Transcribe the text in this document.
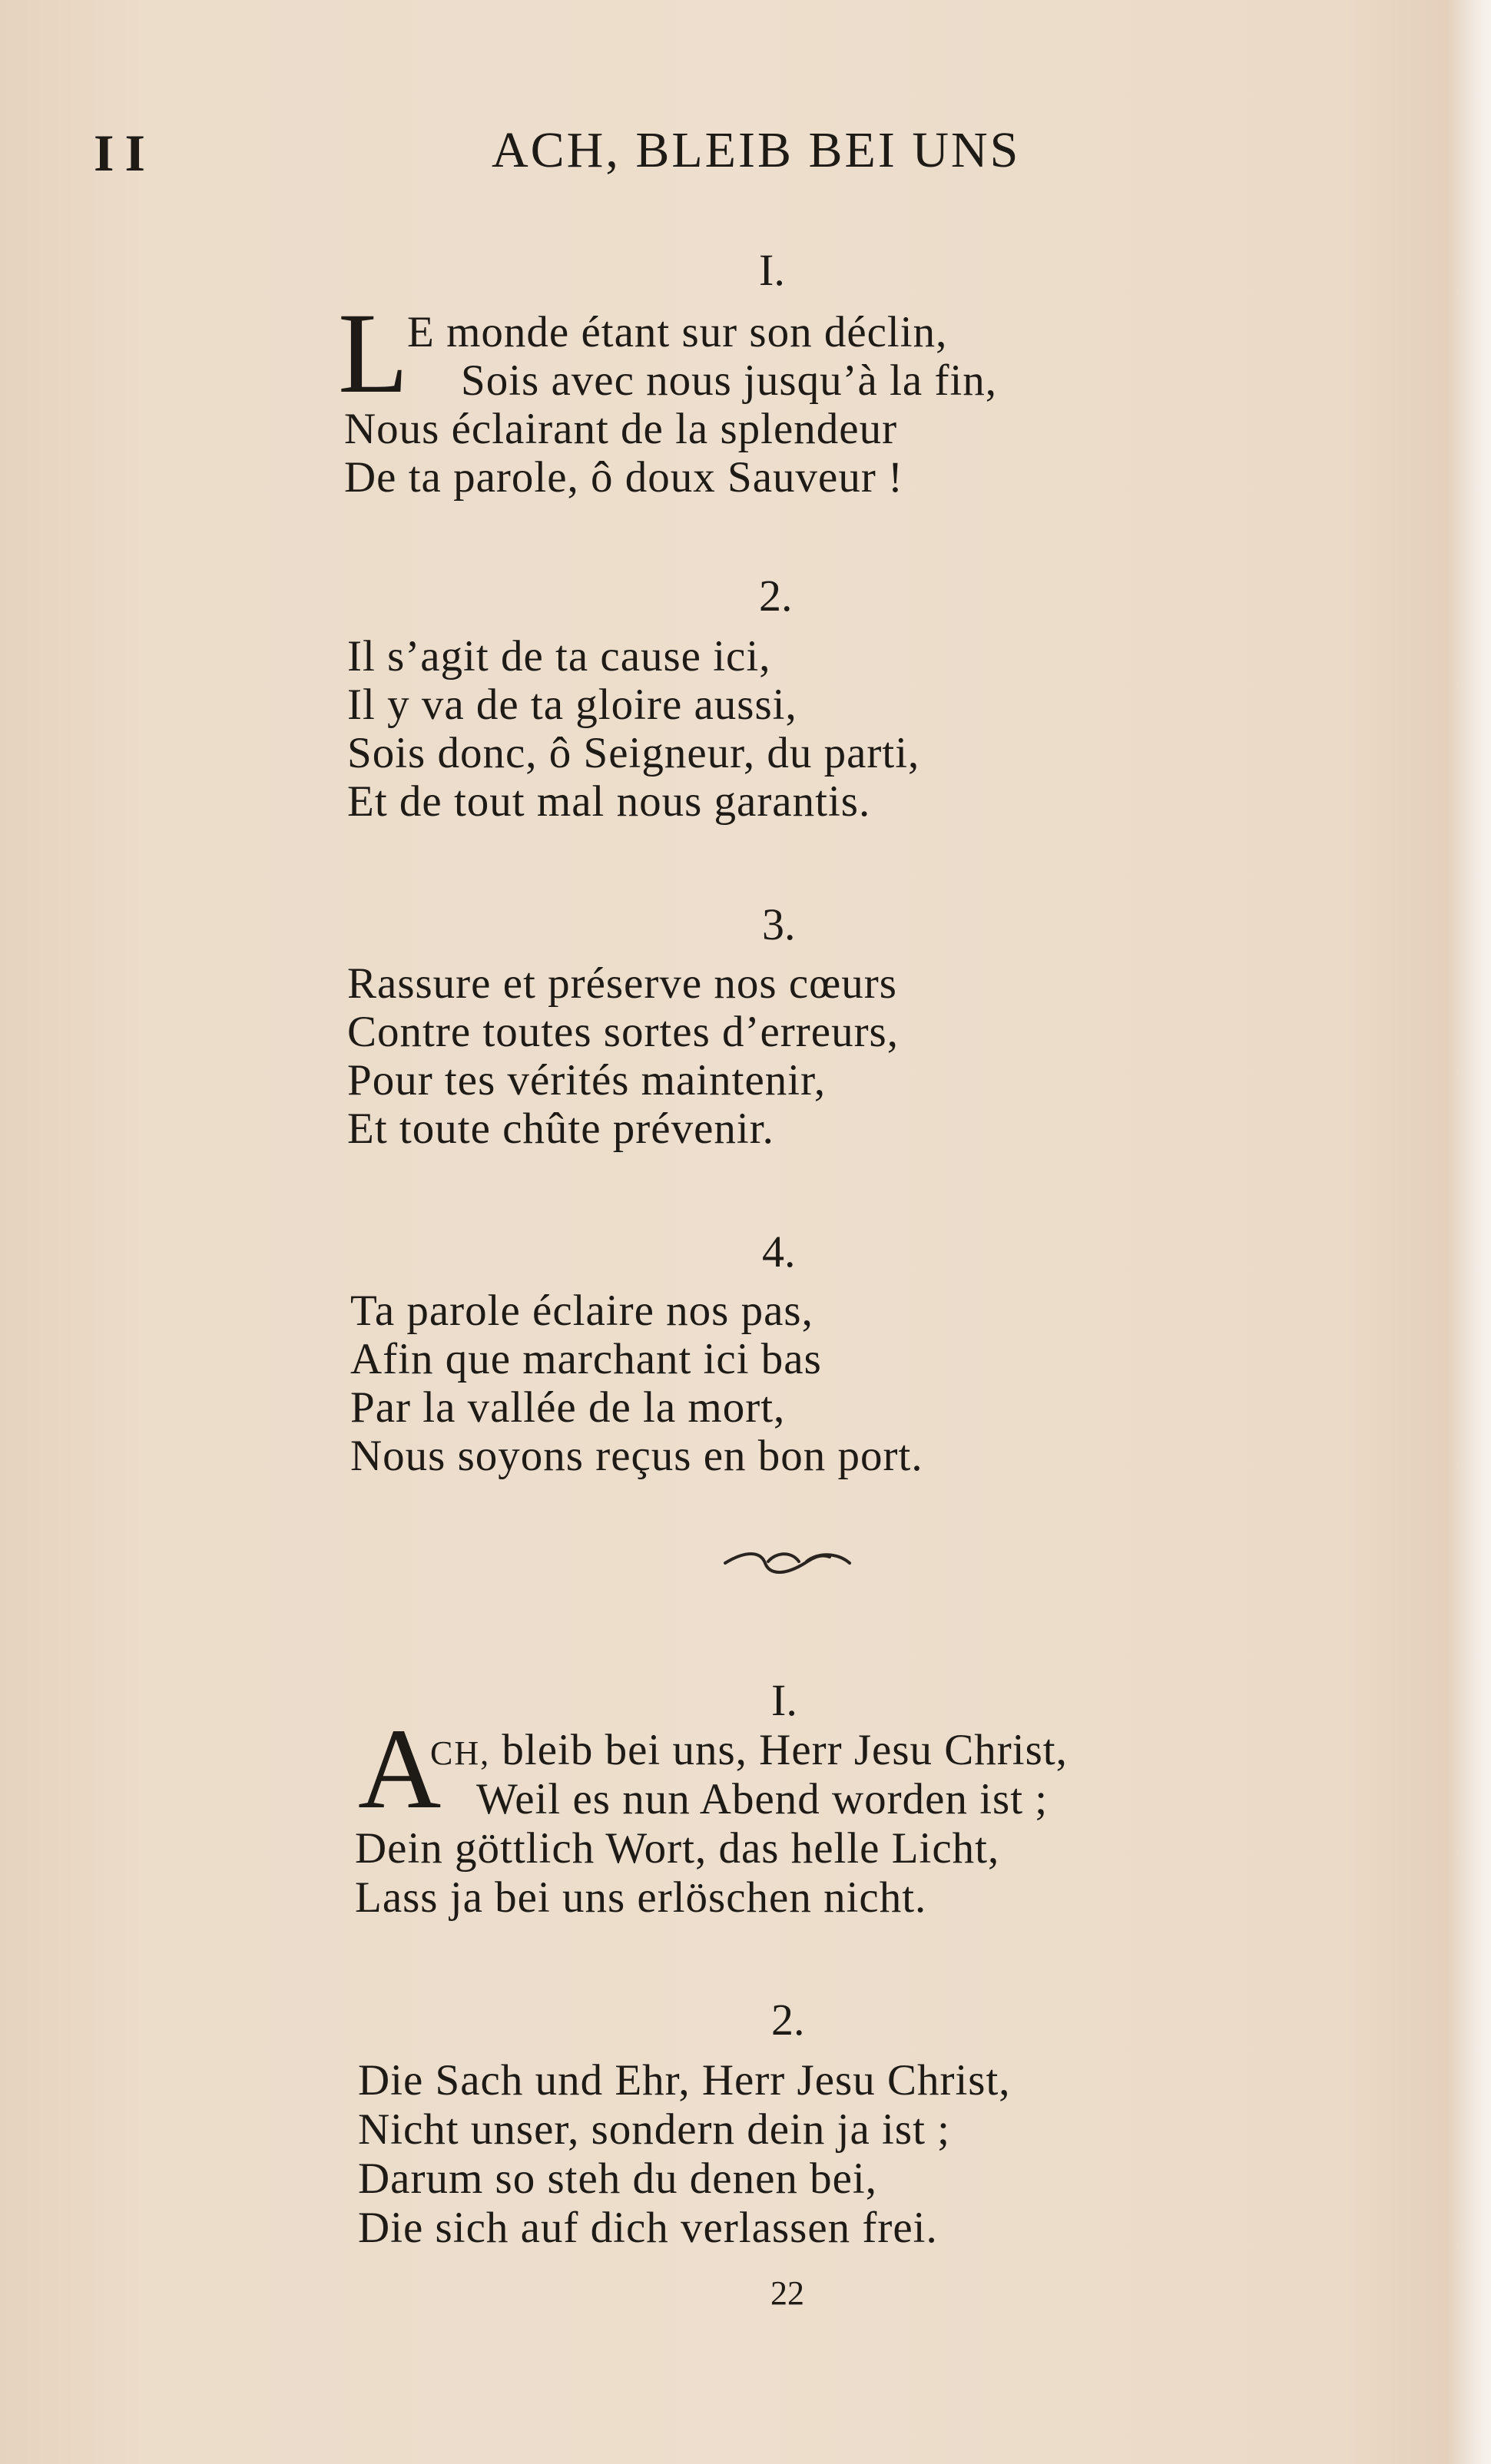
II	ACH, BLEIB BEI UNS
I.
L
E monde étant sur son déclin,
Sois avec nous jusqu’à la fin,
Nous éclairant de la splendeur
De ta parole, ô doux Sauveur !
2.
Il s’agit de ta cause ici,
Il y va de ta gloire aussi,
Sois donc, ô Seigneur, du parti,
Et de tout mal nous garantis.
3.
Rassure et préserve nos cœurs
Contre toutes sortes d’erreurs,
Pour tes vérités maintenir,
Et toute chûte prévenir.
4.
Ta parole éclaire nos pas,
Afin que marchant ici bas
Par la vallée de la mort,
Nous soyons reçus en bon port.
I.
A
CH, bleib bei uns, Herr Jesu Christ,
Weil es nun Abend worden ist ;
Dein göttlich Wort, das helle Licht,
Lass ja bei uns erlöschen nicht.
2.
Die Sach und Ehr, Herr Jesu Christ,
Nicht unser, sondern dein ja ist ;
Darum so steh du denen bei,
Die sich auf dich verlassen frei.
22
